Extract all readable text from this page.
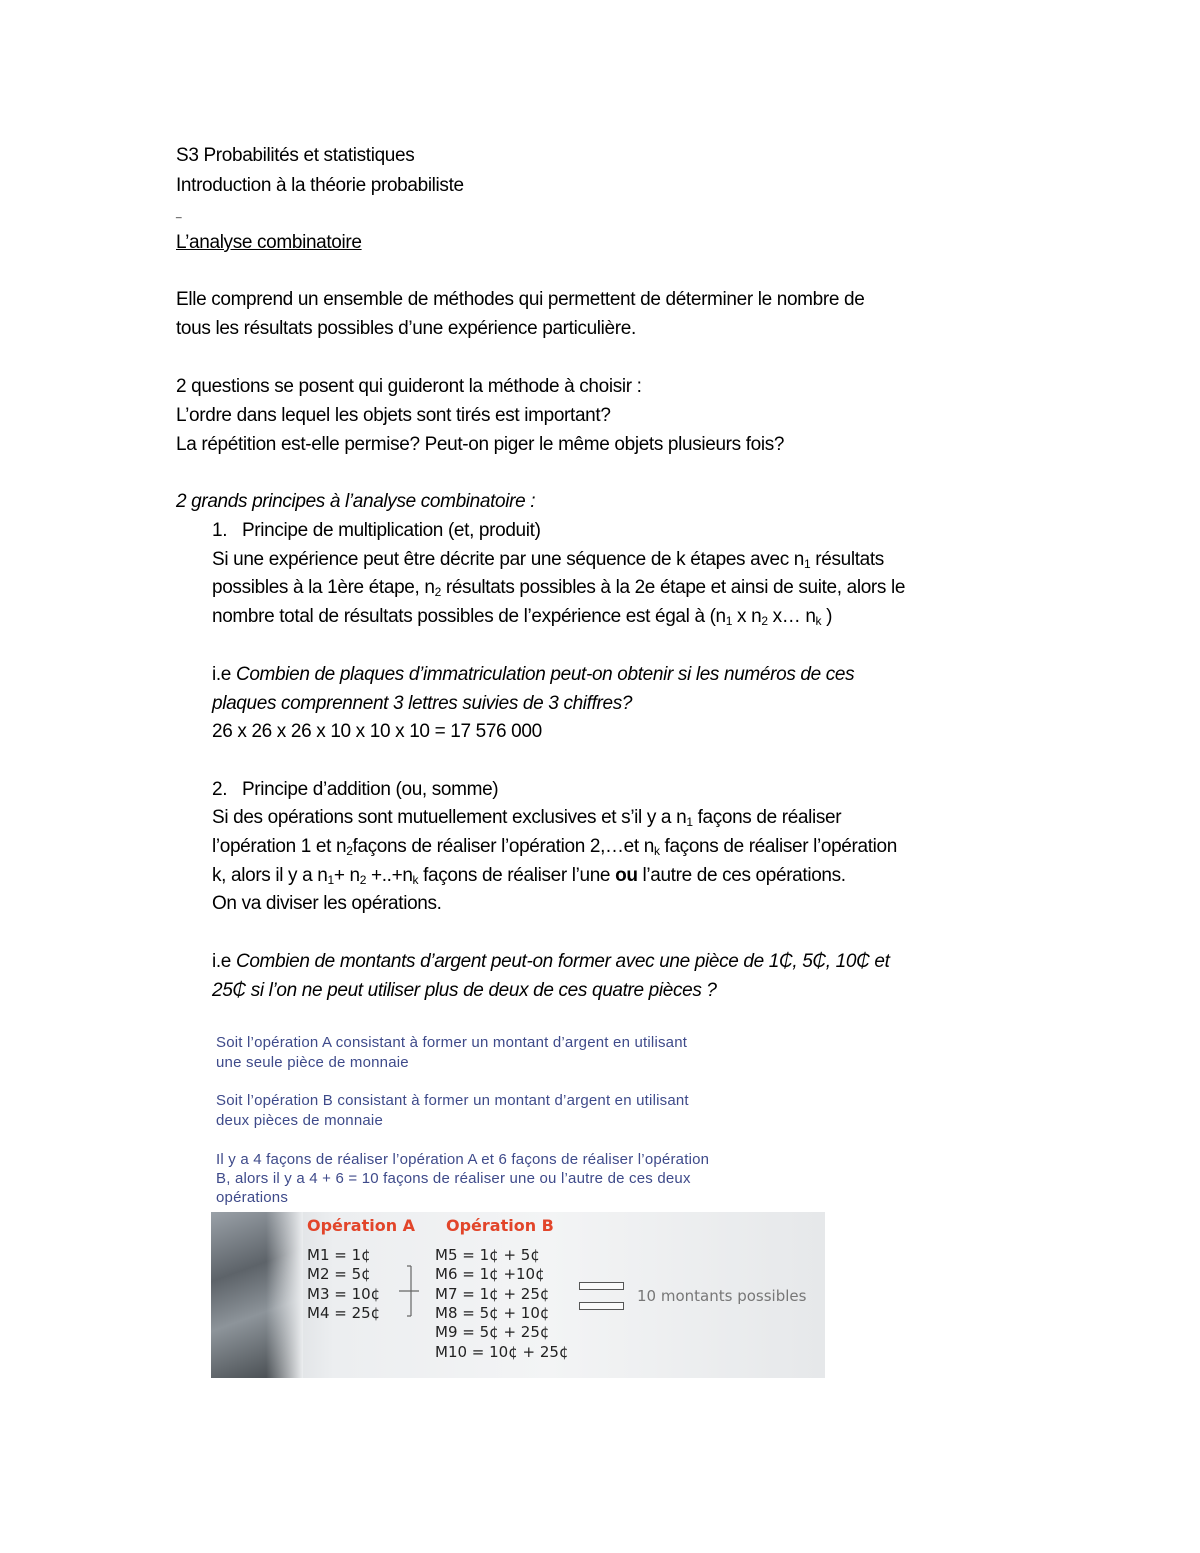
S3 Probabilités et statistiques
Introduction à la théorie probabiliste
_
L’analyse combinatoire
Elle comprend un ensemble de méthodes qui permettent de déterminer le nombre de
tous les résultats possibles d’une expérience particulière.
2 questions se posent qui guideront la méthode à choisir :
L’ordre dans lequel les objets sont tirés est important?
La répétition est-elle permise? Peut-on piger le même objets plusieurs fois?
2 grands principes à l’analyse combinatoire :
1. Principe de multiplication (et, produit)
Si une expérience peut être décrite par une séquence de k étapes avec $n_1$ résultats
possibles à la 1ère étape, $n_2$ résultats possibles à la 2e étape et ainsi de suite, alors le
nombre total de résultats possibles de l’expérience est égal à ($n_1$ x $n_2$ x… $n_k$ )
i.e Combien de plaques d’immatriculation peut-on obtenir si les numéros de ces
plaques comprennent 3 lettres suivies de 3 chiffres?
26 x 26 x 26 x 10 x 10 x 10 = 17 576 000
2. Principe d’addition (ou, somme)
Si des opérations sont mutuellement exclusives et s’il y a $n_1$ façons de réaliser
l’opération 1 et $n_2façons$ de réaliser l’opération 2,…et $n_k$ façons de réaliser l’opération
k, alors il y a $n_1+ n_2 +..+n_k$ façons de réaliser l’une ou l’autre de ces opérations.
On va diviser les opérations.
i.e Combien de montants d’argent peut-on former avec une pièce de 1₵, 5₵, 10₵ et
25₵ si l’on ne peut utiliser plus de deux de ces quatre pièces ?
Soit l’opération A consistant à former un montant d’argent en utilisant
une seule pièce de monnaie
Soit l’opération B consistant à former un montant d’argent en utilisant
deux pièces de monnaie
Il y a 4 façons de réaliser l’opération A et 6 façons de réaliser l’opération
B, alors il y a 4 + 6 = 10 façons de réaliser une ou l’autre de ces deux
opérations
Opération A Opération B
M1 = 1¢
M2 = 5¢
M3 = 10¢
M4 = 25¢
M5 = 1¢ + 5¢
M6 = 1¢ +10¢
M7 = 1¢ + 25¢
M8 = 5¢ + 10¢
M9 = 5¢ + 25¢
M10 = 10¢ + 25¢
10 montants possibles
